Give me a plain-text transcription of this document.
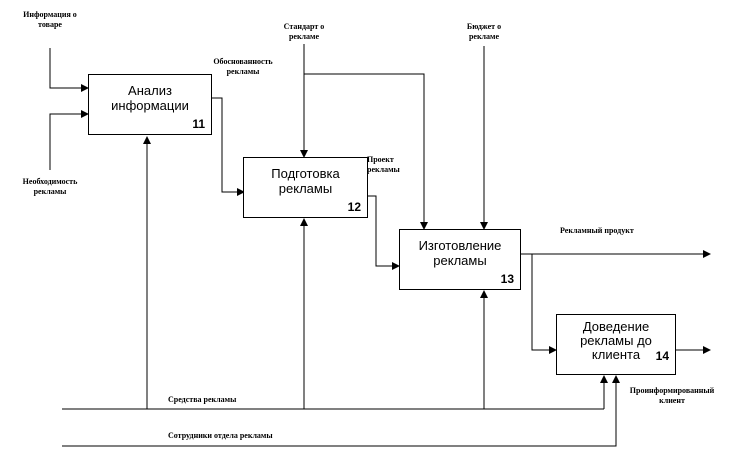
Анализ
информации
11
Подготовка
рекламы
12
Изготовление
рекламы
13
Доведение
рекламы до
клиента	14
Информация о
товаре
Необходимость
рекламы
Стандарт о
рекламе
Бюджет о
рекламе
Обоснованность
рекламы
Проект
рекламы
Рекламный продукт
Проинформированный
клиент
Средства рекламы
Сотрудники отдела рекламы
